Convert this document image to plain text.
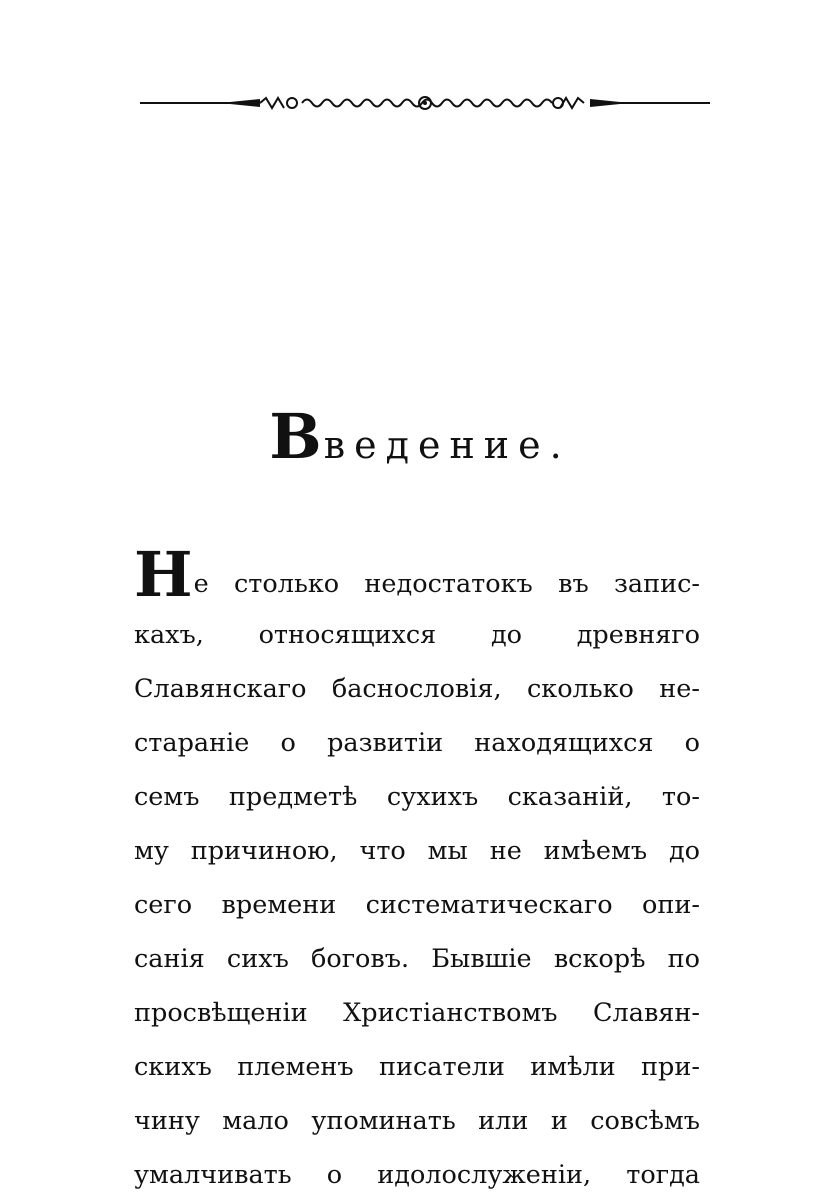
Введение.
Не столько недостатокъ въ запис-
кахъ, относящихся до древняго
Славянскаго баснословія, сколько не-
стараніе о развитіи находящихся о
семъ предметѣ сухихъ сказаній, то-
му причиною, что мы не имѣемъ до
сего времени систематическаго опи-
санія сихъ боговъ. Бывшіе вскорѣ по
просвѣщеніи Христіанствомъ Славян-
скихъ племенъ писатели имѣли при-
чину мало упоминать или и совсѣмъ
умалчивать о идолослуженіи, тогда
